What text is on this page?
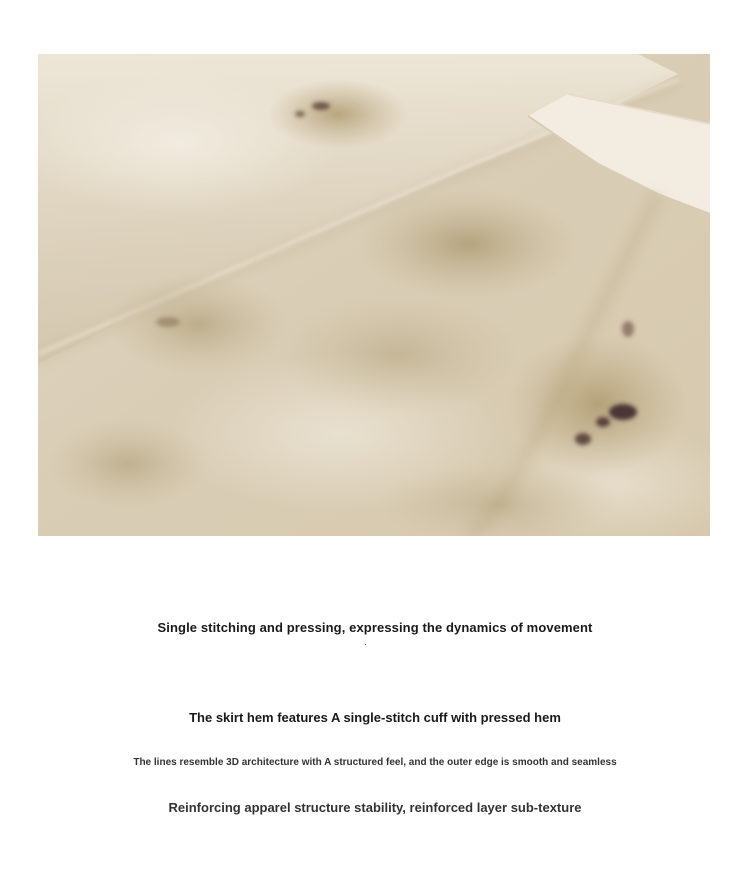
Single stitching and pressing, expressing the dynamics of movement
The skirt hem features A single-stitch cuff with pressed hem
The lines resemble 3D architecture with A structured feel, and the outer edge is smooth and seamless
Reinforcing apparel structure stability, reinforced layer sub-texture
